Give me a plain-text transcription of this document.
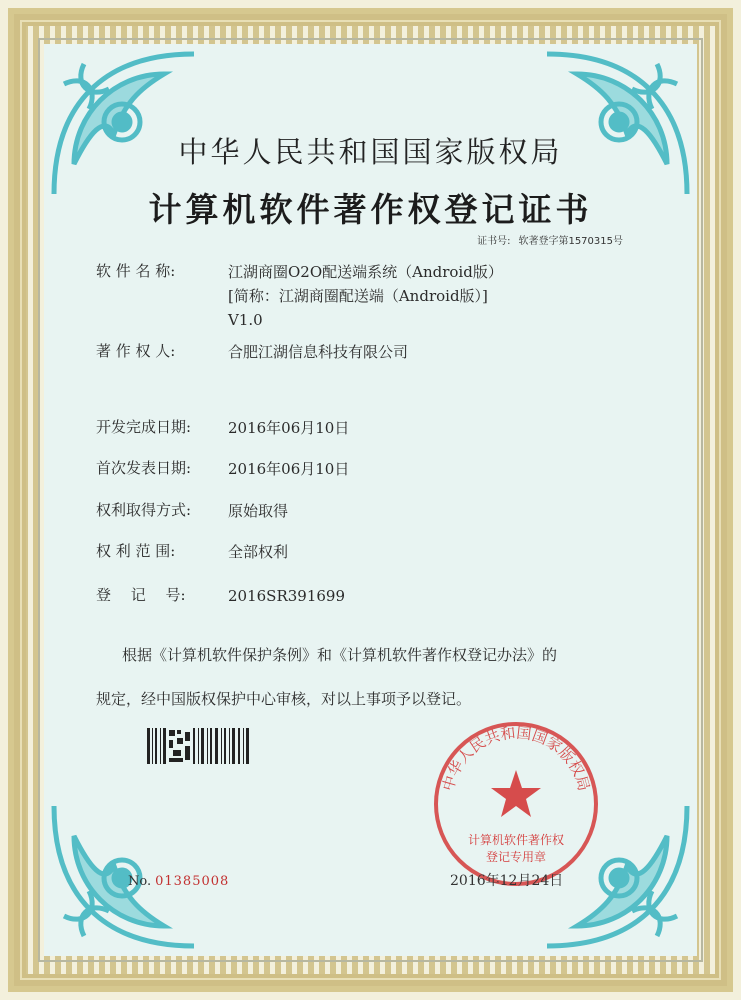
中华人民共和国国家版权局
计算机软件著作权登记证书
证书号: 软著登字第1570315号
软 件 名 称:	江湖商圈O2O配送端系统（Android版）
[简称：江湖商圈配送端（Android版）]
V1.0
著 作 权 人:	合肥江湖信息科技有限公司
开发完成日期: 2016年06月10日
首次发表日期: 2016年06月10日
权利取得方式: 原始取得
权 利 范 围:	全部权利
登　 记　 号:	2016SR391699
根据《计算机软件保护条例》和《计算机软件著作权登记办法》的
规定，经中国版权保护中心审核，对以上事项予以登记。
中华人民共和国国家版权局
计算机软件著作权
登记专用章
No. 01385008	2016年12月24日
